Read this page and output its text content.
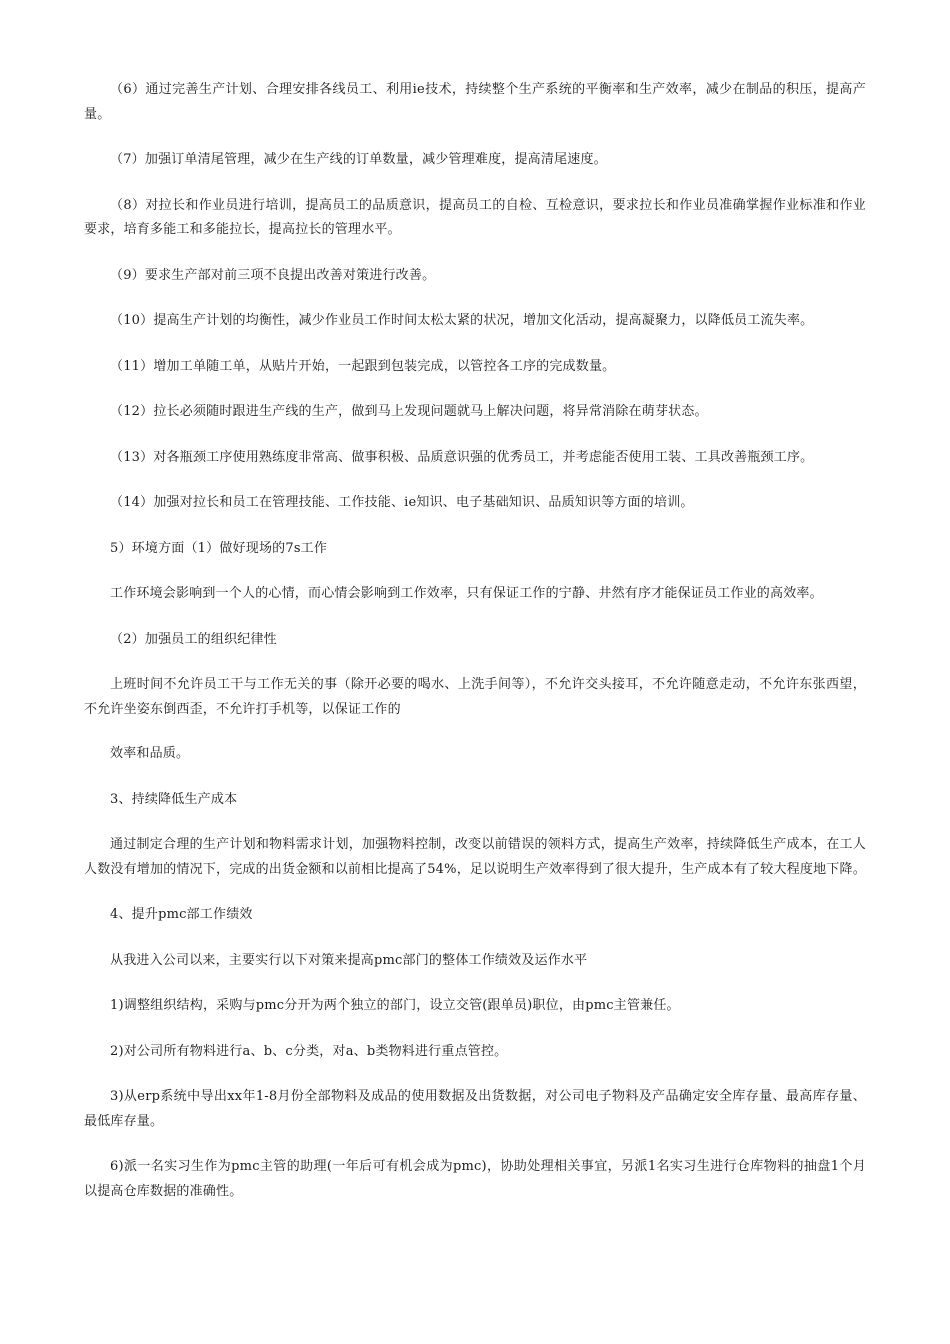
（6）通过完善生产计划、合理安排各线员工、利用ie技术，持续整个生产系统的平衡率和生产效率，减少在制品的积压，提高产量。

（7）加强订单清尾管理，减少在生产线的订单数量，减少管理难度，提高清尾速度。

（8）对拉长和作业员进行培训，提高员工的品质意识，提高员工的自检、互检意识，要求拉长和作业员准确掌握作业标准和作业要求，培育多能工和多能拉长，提高拉长的管理水平。

（9）要求生产部对前三项不良提出改善对策进行改善。

（10）提高生产计划的均衡性，减少作业员工作时间太松太紧的状况，增加文化活动，提高凝聚力，以降低员工流失率。

（11）增加工单随工单，从贴片开始，一起跟到包装完成，以管控各工序的完成数量。

（12）拉长必须随时跟进生产线的生产，做到马上发现问题就马上解决问题，将异常消除在萌芽状态。

（13）对各瓶颈工序使用熟练度非常高、做事积极、品质意识强的优秀员工，并考虑能否使用工装、工具改善瓶颈工序。

（14）加强对拉长和员工在管理技能、工作技能、ie知识、电子基础知识、品质知识等方面的培训。

5）环境方面（1）做好现场的7s工作

工作环境会影响到一个人的心情，而心情会影响到工作效率，只有保证工作的宁静、井然有序才能保证员工作业的高效率。

（2）加强员工的组织纪律性

上班时间不允许员工干与工作无关的事（除开必要的喝水、上洗手间等），不允许交头接耳，不允许随意走动，不允许东张西望，不允许坐姿东倒西歪，不允许打手机等，以保证工作的

效率和品质。

3、持续降低生产成本

通过制定合理的生产计划和物料需求计划，加强物料控制，改变以前错误的领料方式，提高生产效率，持续降低生产成本，在工人人数没有增加的情况下，完成的出货金额和以前相比提高了54%，足以说明生产效率得到了很大提升，生产成本有了较大程度地下降。

4、提升pmc部工作绩效

从我进入公司以来，主要实行以下对策来提高pmc部门的整体工作绩效及运作水平

1)调整组织结构，采购与pmc分开为两个独立的部门，设立交管(跟单员)职位，由pmc主管兼任。

2)对公司所有物料进行a、b、c分类，对a、b类物料进行重点管控。

3)从erp系统中导出xx年1-8月份全部物料及成品的使用数据及出货数据，对公司电子物料及产品确定安全库存量、最高库存量、最低库存量。

6)派一名实习生作为pmc主管的助理(一年后可有机会成为pmc)，协助处理相关事宜，另派1名实习生进行仓库物料的抽盘1个月以提高仓库数据的准确性。
